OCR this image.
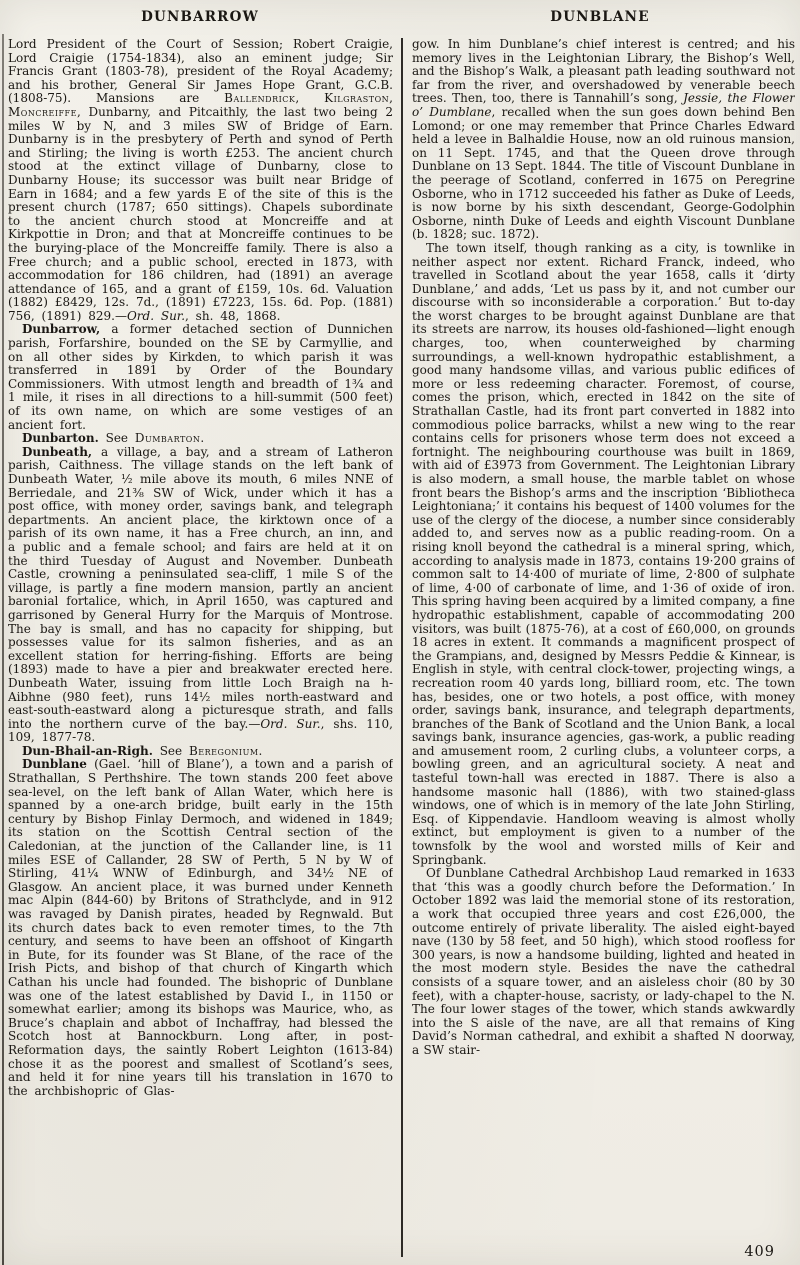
DUNBARROW	DUNBLANE

Lord President of the Court of Session; Robert Craigie, Lord Craigie (1754-1834), also an eminent judge; Sir Francis Grant (1803-78), president of the Royal Academy; and his brother, General Sir James Hope Grant, G.C.B. (1808-75). Mansions are Ballendrick, Kilgraston, Moncreiffe, Dunbarny, and Pitcaithly, the last two being 2 miles W by N, and 3 miles SW of Bridge of Earn. Dunbarny is in the presbytery of Perth and synod of Perth and Stirling; the living is worth £253. The ancient church stood at the extinct village of Dunbarny, close to Dunbarny House; its successor was built near Bridge of Earn in 1684; and a few yards E of the site of this is the present church (1787; 650 sittings). Chapels subordinate to the ancient church stood at Moncreiffe and at Kirkpottie in Dron; and that at Moncreiffe continues to be the burying-place of the Moncreiffe family. There is also a Free church; and a public school, erected in 1873, with accommodation for 186 children, had (1891) an average attendance of 165, and a grant of £159, 10s. 6d. Valuation (1882) £8429, 12s. 7d., (1891) £7223, 15s. 6d. Pop. (1881) 756, (1891) 829.—Ord. Sur., sh. 48, 1868.

Dunbarrow, a former detached section of Dunnichen parish, Forfarshire, bounded on the SE by Carmyllie, and on all other sides by Kirkden, to which parish it was transferred in 1891 by Order of the Boundary Commissioners. With utmost length and breadth of 1¾ and 1 mile, it rises in all directions to a hill-summit (500 feet) of its own name, on which are some vestiges of an ancient fort.

Dunbarton. See Dumbarton.

Dunbeath, a village, a bay, and a stream of Latheron parish, Caithness. The village stands on the left bank of Dunbeath Water, ½ mile above its mouth, 6 miles NNE of Berriedale, and 21⅜ SW of Wick, under which it has a post office, with money order, savings bank, and telegraph departments. An ancient place, the kirktown once of a parish of its own name, it has a Free church, an inn, and a public and a female school; and fairs are held at it on the third Tuesday of August and November. Dunbeath Castle, crowning a peninsulated sea-cliff, 1 mile S of the village, is partly a fine modern mansion, partly an ancient baronial fortalice, which, in April 1650, was captured and garrisoned by General Hurry for the Marquis of Montrose. The bay is small, and has no capacity for shipping, but possesses value for its salmon fisheries, and as an excellent station for herring-fishing. Efforts are being (1893) made to have a pier and breakwater erected here. Dunbeath Water, issuing from little Loch Braigh na h-Aibhne (980 feet), runs 14½ miles north-eastward and east-south-eastward along a picturesque strath, and falls into the northern curve of the bay.—Ord. Sur., shs. 110, 109, 1877-78.

Dun-Bhail-an-Righ. See Beregonium.

Dunblane (Gael. ‘hill of Blane’), a town and a parish of Strathallan, S Perthshire. The town stands 200 feet above sea-level, on the left bank of Allan Water, which here is spanned by a one-arch bridge, built early in the 15th century by Bishop Finlay Dermoch, and widened in 1849; its station on the Scottish Central section of the Caledonian, at the junction of the Callander line, is 11 miles ESE of Callander, 28 SW of Perth, 5 N by W of Stirling, 41¼ WNW of Edinburgh, and 34½ NE of Glasgow. An ancient place, it was burned under Kenneth mac Alpin (844-60) by Britons of Strathclyde, and in 912 was ravaged by Danish pirates, headed by Regnwald. But its church dates back to even remoter times, to the 7th century, and seems to have been an offshoot of Kingarth in Bute, for its founder was St Blane, of the race of the Irish Picts, and bishop of that church of Kingarth which Cathan his uncle had founded. The bishopric of Dunblane was one of the latest established by David I., in 1150 or somewhat earlier; among its bishops was Maurice, who, as Bruce’s chaplain and abbot of Inchaffray, had blessed the Scotch host at Bannockburn. Long after, in post-Reformation days, the saintly Robert Leighton (1613-84) chose it as the poorest and smallest of Scotland’s sees, and held it for nine years till his translation in 1670 to the archbishopric of Glas-

gow. In him Dunblane’s chief interest is centred; and his memory lives in the Leightonian Library, the Bishop’s Well, and the Bishop’s Walk, a pleasant path leading southward not far from the river, and overshadowed by venerable beech trees. Then, too, there is Tannahill’s song, Jessie, the Flower o’ Dumblane, recalled when the sun goes down behind Ben Lomond; or one may remember that Prince Charles Edward held a levee in Balhaldie House, now an old ruinous mansion, on 11 Sept. 1745, and that the Queen drove through Dunblane on 13 Sept. 1844. The title of Viscount Dunblane in the peerage of Scotland, conferred in 1675 on Peregrine Osborne, who in 1712 succeeded his father as Duke of Leeds, is now borne by his sixth descendant, George-Godolphin Osborne, ninth Duke of Leeds and eighth Viscount Dunblane (b. 1828; suc. 1872).

The town itself, though ranking as a city, is townlike in neither aspect nor extent. Richard Franck, indeed, who travelled in Scotland about the year 1658, calls it ‘dirty Dunblane,’ and adds, ‘Let us pass by it, and not cumber our discourse with so inconsiderable a corporation.’ But to-day the worst charges to be brought against Dunblane are that its streets are narrow, its houses old-fashioned—light enough charges, too, when counterweighed by charming surroundings, a well-known hydropathic establishment, a good many handsome villas, and various public edifices of more or less redeeming character. Foremost, of course, comes the prison, which, erected in 1842 on the site of Strathallan Castle, had its front part converted in 1882 into commodious police barracks, whilst a new wing to the rear contains cells for prisoners whose term does not exceed a fortnight. The neighbouring courthouse was built in 1869, with aid of £3973 from Government. The Leightonian Library is also modern, a small house, the marble tablet on whose front bears the Bishop’s arms and the inscription ‘Bibliotheca Leightoniana;’ it contains his bequest of 1400 volumes for the use of the clergy of the diocese, a number since considerably added to, and serves now as a public reading-room. On a rising knoll beyond the cathedral is a mineral spring, which, according to analysis made in 1873, contains 19·200 grains of common salt to 14·400 of muriate of lime, 2·800 of sulphate of lime, 4·00 of carbonate of lime, and 1·36 of oxide of iron. This spring having been acquired by a limited company, a fine hydropathic establishment, capable of accommodating 200 visitors, was built (1875-76), at a cost of £60,000, on grounds 18 acres in extent. It commands a magnificent prospect of the Grampians, and, designed by Messrs Peddie & Kinnear, is English in style, with central clock-tower, projecting wings, a recreation room 40 yards long, billiard room, etc. The town has, besides, one or two hotels, a post office, with money order, savings bank, insurance, and telegraph departments, branches of the Bank of Scotland and the Union Bank, a local savings bank, insurance agencies, gas-work, a public reading and amusement room, 2 curling clubs, a volunteer corps, a bowling green, and an agricultural society. A neat and tasteful town-hall was erected in 1887. There is also a handsome masonic hall (1886), with two stained-glass windows, one of which is in memory of the late John Stirling, Esq. of Kippendavie. Handloom weaving is almost wholly extinct, but employment is given to a number of the townsfolk by the wool and worsted mills of Keir and Springbank.

Of Dunblane Cathedral Archbishop Laud remarked in 1633 that ‘this was a goodly church before the Deformation.’ In October 1892 was laid the memorial stone of its restoration, a work that occupied three years and cost £26,000, the outcome entirely of private liberality. The aisled eight-bayed nave (130 by 58 feet, and 50 high), which stood roofless for 300 years, is now a handsome building, lighted and heated in the most modern style. Besides the nave the cathedral consists of a square tower, and an aisleless choir (80 by 30 feet), with a chapter-house, sacristy, or lady-chapel to the N. The four lower stages of the tower, which stands awkwardly into the S aisle of the nave, are all that remains of King David’s Norman cathedral, and exhibit a shafted N doorway, a SW stair-

409
